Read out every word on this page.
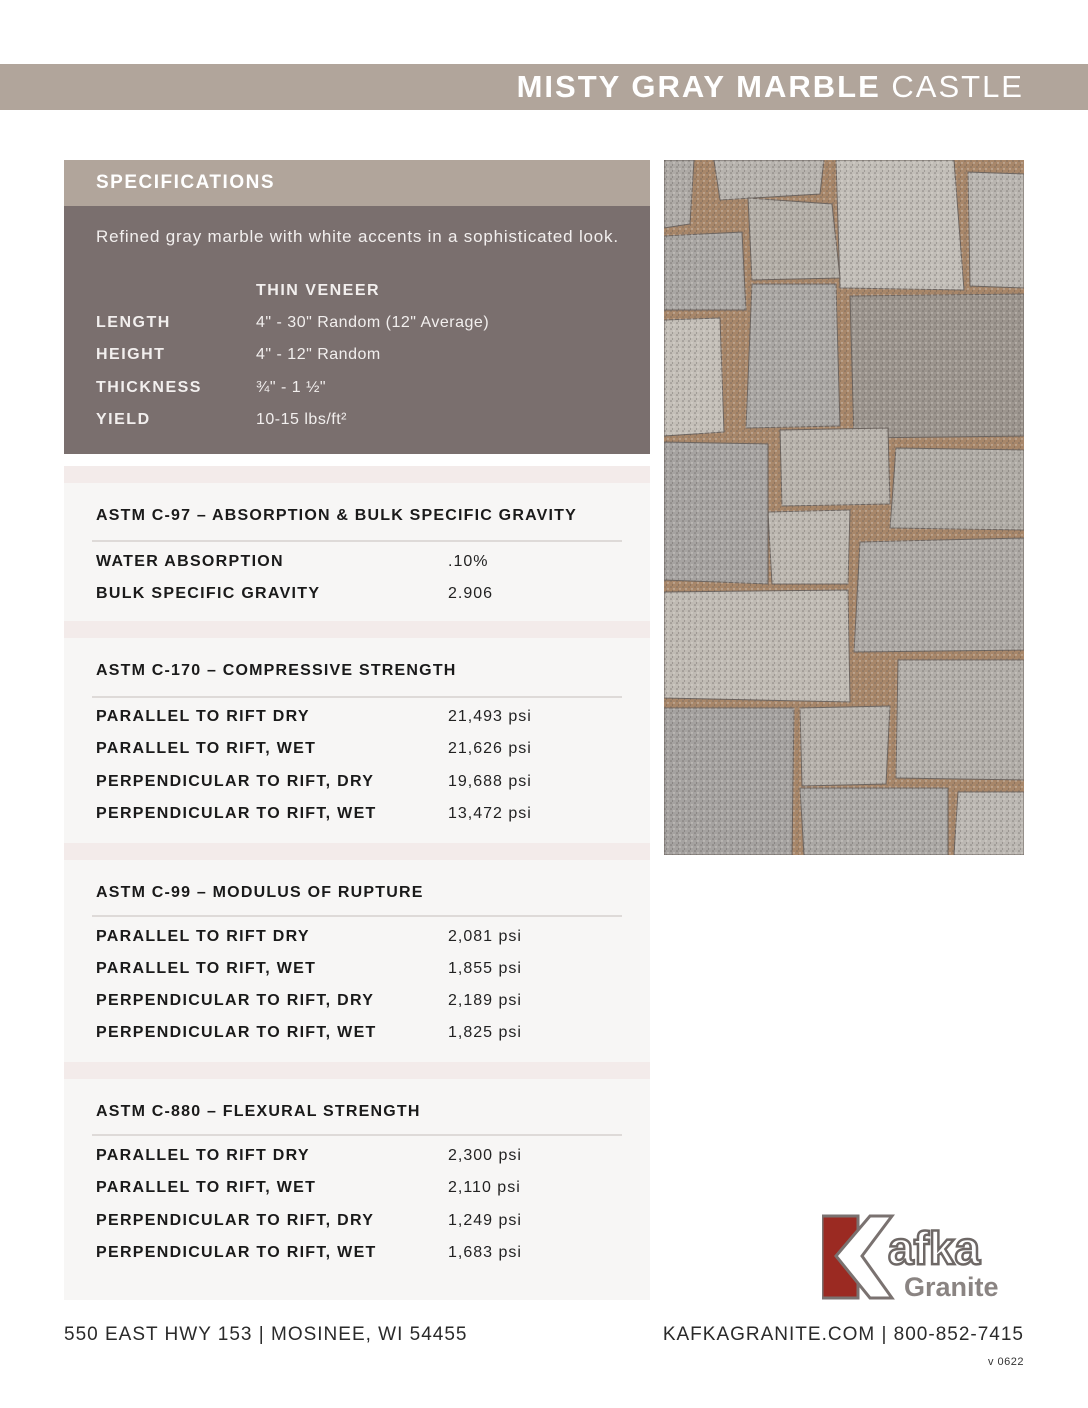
MISTY GRAY MARBLE CASTLE
SPECIFICATIONS
Refined gray marble with white accents in a sophisticated look.
THIN VENEER
LENGTH	4" - 30" Random (12" Average)
HEIGHT	4" - 12" Random
THICKNESS	¾" - 1 ½"
YIELD	10-15 lbs/ft²
ASTM C-97 – ABSORPTION & BULK SPECIFIC GRAVITY
WATER ABSORPTION	.10%
BULK SPECIFIC GRAVITY	2.906
ASTM C-170 – COMPRESSIVE STRENGTH
PARALLEL TO RIFT DRY	21,493 psi
PARALLEL TO RIFT, WET	21,626 psi
PERPENDICULAR TO RIFT, DRY	19,688 psi
PERPENDICULAR TO RIFT, WET	13,472 psi
ASTM C-99 – MODULUS OF RUPTURE
PARALLEL TO RIFT DRY	2,081 psi
PARALLEL TO RIFT, WET	1,855 psi
PERPENDICULAR TO RIFT, DRY	2,189 psi
PERPENDICULAR TO RIFT, WET	1,825 psi
ASTM C-880 – FLEXURAL STRENGTH
PARALLEL TO RIFT DRY	2,300 psi
PARALLEL TO RIFT, WET	2,110 psi
PERPENDICULAR TO RIFT, DRY	1,249 psi
PERPENDICULAR TO RIFT, WET	1,683 psi	afka
Granite
550 EAST HWY 153 | MOSINEE, WI 54455	KAFKAGRANITE.COM | 800-852-7415
v 0622
